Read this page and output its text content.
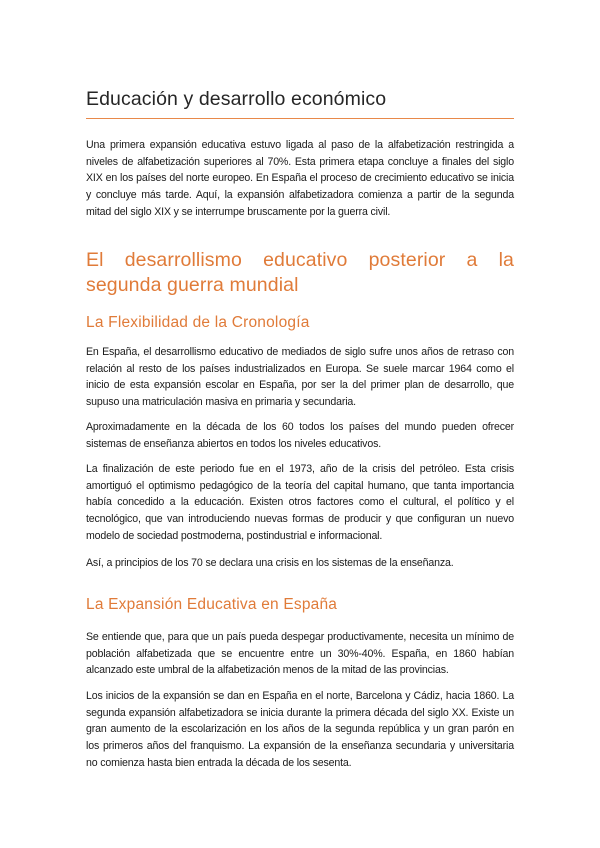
Educación y desarrollo económico

Una primera expansión educativa estuvo ligada al paso de la alfabetización restringida a niveles de alfabetización superiores al 70%. Esta primera etapa concluye a finales del siglo XIX en los países del norte europeo. En España el proceso de crecimiento educativo se inicia y concluye más tarde. Aquí, la expansión alfabetizadora comienza a partir de la segunda mitad del siglo XIX y se interrumpe bruscamente por la guerra civil.

El desarrollismo educativo posterior a la segunda guerra mundial
La Flexibilidad de la Cronología

En España, el desarrollismo educativo de mediados de siglo sufre unos años de retraso con relación al resto de los países industrializados en Europa. Se suele marcar 1964 como el inicio de esta expansión escolar en España, por ser la del primer plan de desarrollo, que supuso una matriculación masiva en primaria y secundaria.

Aproximadamente en la década de los 60 todos los países del mundo pueden ofrecer sistemas de enseñanza abiertos en todos los niveles educativos.

La finalización de este periodo fue en el 1973, año de la crisis del petróleo. Esta crisis amortiguó el optimismo pedagógico de la teoría del capital humano, que tanta importancia había concedido a la educación. Existen otros factores como el cultural, el político y el tecnológico, que van introduciendo nuevas formas de producir y que configuran un nuevo modelo de sociedad postmoderna, postindustrial e informacional.

Así, a principios de los 70 se declara una crisis en los sistemas de la enseñanza.

La Expansión Educativa en España

Se entiende que, para que un país pueda despegar productivamente, necesita un mínimo de población alfabetizada que se encuentre entre un 30%-40%. España, en 1860 habían alcanzado este umbral de la alfabetización menos de la mitad de las provincias.

Los inicios de la expansión se dan en España en el norte, Barcelona y Cádiz, hacia 1860. La segunda expansión alfabetizadora se inicia durante la primera década del siglo XX. Existe un gran aumento de la escolarización en los años de la segunda república y un gran parón en los primeros años del franquismo. La expansión de la enseñanza secundaria y universitaria no comienza hasta bien entrada la década de los sesenta.
